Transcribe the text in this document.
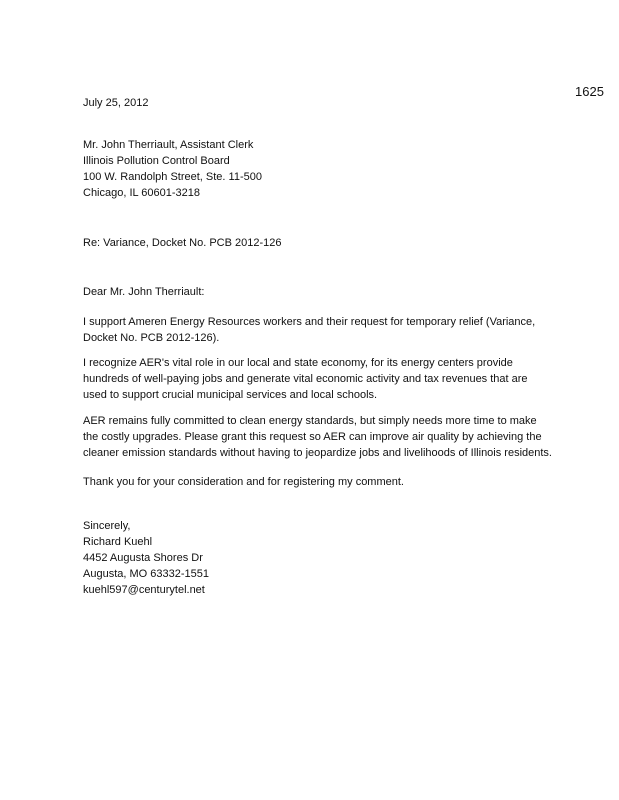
1625
July 25, 2012
Mr. John Therriault, Assistant Clerk
Illinois Pollution Control Board
100 W. Randolph Street, Ste. 11-500
Chicago, IL 60601-3218
Re: Variance, Docket No. PCB 2012-126
Dear Mr. John Therriault:
I support Ameren Energy Resources workers and their request for temporary relief (Variance,
Docket No. PCB 2012-126).
I recognize AER's vital role in our local and state economy, for its energy centers provide
hundreds of well-paying jobs and generate vital economic activity and tax revenues that are
used to support crucial municipal services and local schools.
AER remains fully committed to clean energy standards, but simply needs more time to make
the costly upgrades. Please grant this request so AER can improve air quality by achieving the
cleaner emission standards without having to jeopardize jobs and livelihoods of Illinois residents.
Thank you for your consideration and for registering my comment.
Sincerely,
Richard Kuehl
4452 Augusta Shores Dr
Augusta, MO 63332-1551
kuehl597@centurytel.net
